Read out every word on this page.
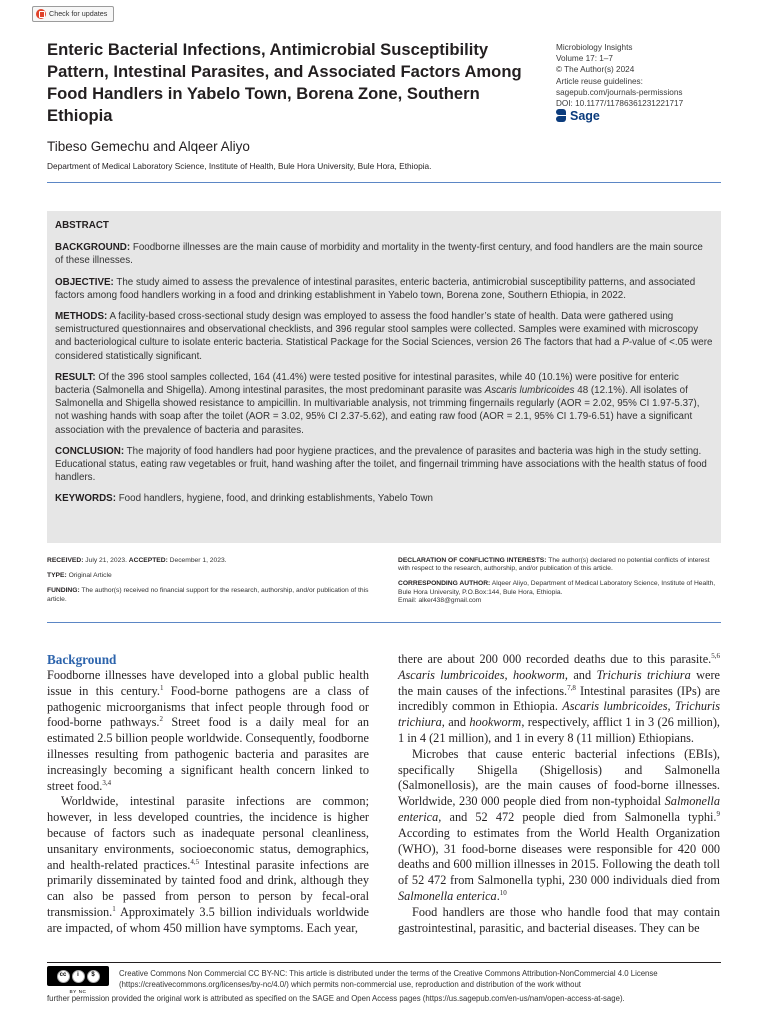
Check for updates
Enteric Bacterial Infections, Antimicrobial Susceptibility Pattern, Intestinal Parasites, and Associated Factors Among Food Handlers in Yabelo Town, Borena Zone, Southern Ethiopia

Tibeso Gemechu and Alqeer Aliyo

Department of Medical Laboratory Science, Institute of Health, Bule Hora University, Bule Hora, Ethiopia.
Microbiology Insights
Volume 17: 1–7
© The Author(s) 2024
Article reuse guidelines:
sagepub.com/journals-permissions
DOI: 10.1177/11786361231221717
Sage
ABSTRACT

BACKGROUND: Foodborne illnesses are the main cause of morbidity and mortality in the twenty-first century, and food handlers are the main source of these illnesses.

OBJECTIVE: The study aimed to assess the prevalence of intestinal parasites, enteric bacteria, antimicrobial susceptibility patterns, and associated factors among food handlers working in a food and drinking establishment in Yabelo town, Borena zone, Southern Ethiopia, in 2022.

METHODS: A facility-based cross-sectional study design was employed to assess the food handler’s state of health. Data were gathered using semistructured questionnaires and observational checklists, and 396 regular stool samples were collected. Samples were examined with microscopy and bacteriological culture to isolate enteric bacteria. Statistical Package for the Social Sciences, version 26 The factors that had a P-value of <.05 were considered statistically significant.

RESULT: Of the 396 stool samples collected, 164 (41.4%) were tested positive for intestinal parasites, while 40 (10.1%) were positive for enteric bacteria (Salmonella and Shigella). Among intestinal parasites, the most predominant parasite was Ascaris lumbricoides 48 (12.1%). All isolates of Salmonella and Shigella showed resistance to ampicillin. In multivariable analysis, not trimming fingernails regularly (AOR = 2.02, 95% CI 1.97-5.37), not washing hands with soap after the toilet (AOR = 3.02, 95% CI 2.37-5.62), and eating raw food (AOR = 2.1, 95% CI 1.79-6.51) have a significant association with the prevalence of bacteria and parasites.

CONCLUSION: The majority of food handlers had poor hygiene practices, and the prevalence of parasites and bacteria was high in the study setting. Educational status, eating raw vegetables or fruit, hand washing after the toilet, and fingernail trimming have associations with the health status of food handlers.

KEYWORDS: Food handlers, hygiene, food, and drinking establishments, Yabelo Town

RECEIVED: July 21, 2023. ACCEPTED: December 1, 2023.

TYPE: Original Article

FUNDING: The author(s) received no financial support for the research, authorship, and/or publication of this article.

DECLARATION OF CONFLICTING INTERESTS: The author(s) declared no potential conflicts of interest with respect to the research, authorship, and/or publication of this article.

CORRESPONDING AUTHOR: Alqeer Aliyo, Department of Medical Laboratory Science, Institute of Health, Bule Hora University, P.O.Box:144, Bule Hora, Ethiopia.
Email: alker438@gmail.com

Background

Foodborne illnesses have developed into a global public health issue in this century.$^1$ Food-borne pathogens are a class of pathogenic microorganisms that infect people through food or food-borne pathways.$^2$ Street food is a daily meal for an estimated 2.5 billion people worldwide. Consequently, foodborne illnesses resulting from pathogenic bacteria and parasites are increasingly becoming a significant health concern linked to street food.$^{3,4}$

Worldwide, intestinal parasite infections are common; however, in less developed countries, the incidence is higher because of factors such as inadequate personal cleanliness, unsanitary environments, socioeconomic status, demographics, and health-related practices.$^{4,5}$ Intestinal parasite infections are primarily disseminated by tainted food and drink, although they can also be passed from person to person by fecal-oral transmission.$^1$ Approximately 3.5 billion individuals worldwide are impacted, of whom 450 million have symptoms. Each year,

there are about 200 000 recorded deaths due to this parasite.$^{5,6}$ Ascaris lumbricoides, hookworm, and Trichuris trichiura were the main causes of the infections.$^{7,8}$ Intestinal parasites (IPs) are incredibly common in Ethiopia. Ascaris lumbricoides, Trichuris trichiura, and hookworm, respectively, afflict 1 in 3 (26 million), 1 in 4 (21 million), and 1 in every 8 (11 million) Ethiopians.

Microbes that cause enteric bacterial infections (EBIs), specifically Shigella (Shigellosis) and Salmonella (Salmonellosis), are the main causes of food-borne illnesses. Worldwide, 230 000 people died from non-typhoidal Salmonella enterica, and 52 472 people died from Salmonella typhi.$^9$ According to estimates from the World Health Organization (WHO), 31 food-borne diseases were responsible for 420 000 deaths and 600 million illnesses in 2015. Following the death toll of 52 472 from Salmonella typhi, 230 000 individuals died from Salmonella enterica.$^{10}$

Food handlers are those who handle food that may contain gastrointestinal, parasitic, and bacterial diseases. They can be

cc	i	$
BY NC
Creative Commons Non Commercial CC BY-NC: This article is distributed under the terms of the Creative Commons Attribution-NonCommercial 4.0 License (https://creativecommons.org/licenses/by-nc/4.0/) which permits non-commercial use, reproduction and distribution of the work without
further permission provided the original work is attributed as specified on the SAGE and Open Access pages (https://us.sagepub.com/en-us/nam/open-access-at-sage).
